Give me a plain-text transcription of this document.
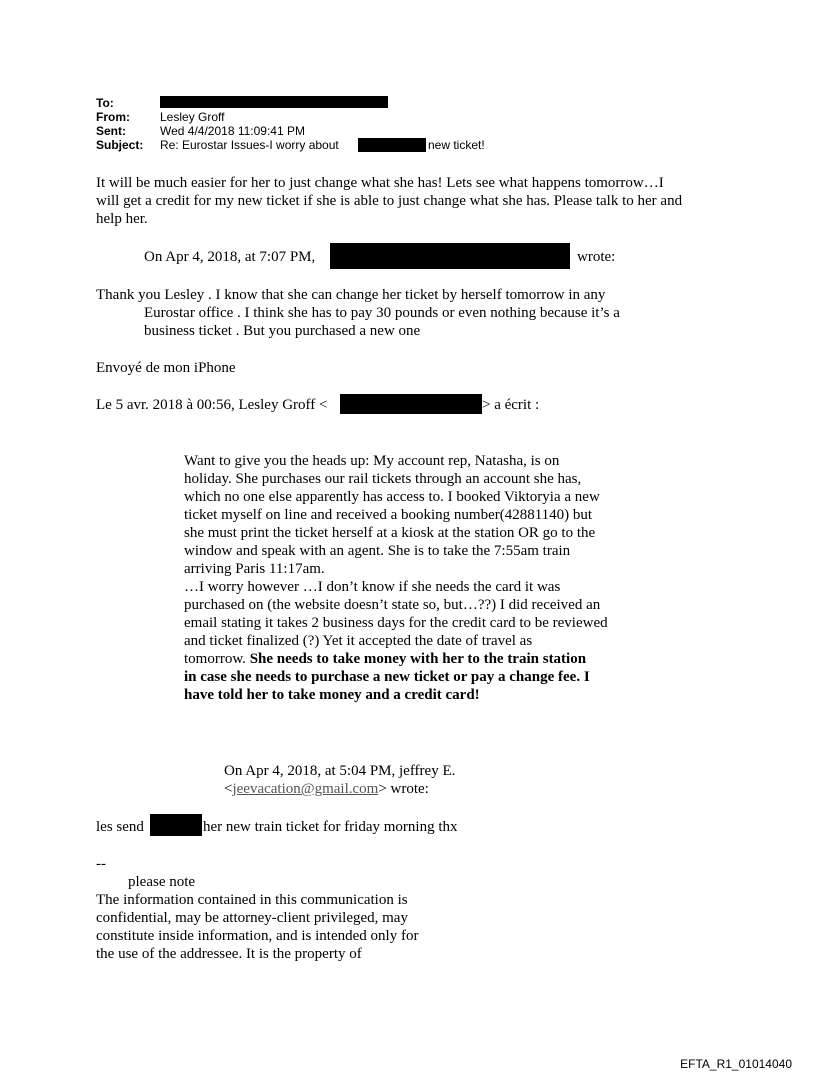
To:
From:	Lesley Groff
Sent:	Wed 4/4/2018 11:09:41 PM
Subject: Re: Eurostar Issues-I worry about	new ticket!
It will be much easier for her to just change what she has! Lets see what happens tomorrow…I
will get a credit for my new ticket if she is able to just change what she has. Please talk to her and
help her.
On Apr 4, 2018, at 7:07 PM,	wrote:
Thank you Lesley . I know that she can change her ticket by herself tomorrow in any
Eurostar office . I think she has to pay 30 pounds or even nothing because it’s a
business ticket . But you purchased a new one
Envoyé de mon iPhone
Le 5 avr. 2018 à 00:56, Lesley Groff <	> a écrit :
Want to give you the heads up: My account rep, Natasha, is on
holiday. She purchases our rail tickets through an account she has,
which no one else apparently has access to. I booked Viktoryia a new
ticket myself on line and received a booking number(42881140) but
she must print the ticket herself at a kiosk at the station OR go to the
window and speak with an agent. She is to take the 7:55am train
arriving Paris 11:17am.
…I worry however …I don’t know if she needs the card it was
purchased on (the website doesn’t state so, but…??) I did received an
email stating it takes 2 business days for the credit card to be reviewed
and ticket finalized (?) Yet it accepted the date of travel as
tomorrow. She needs to take money with her to the train station
in case she needs to purchase a new ticket or pay a change fee. I
have told her to take money and a credit card!
On Apr 4, 2018, at 5:04 PM, jeffrey E.
<jeevacation@gmail.com> wrote:
les send	her new train ticket for friday morning thx
--
please note
The information contained in this communication is
confidential, may be attorney-client privileged, may
constitute inside information, and is intended only for
the use of the addressee. It is the property of
EFTA_R1_01014040
